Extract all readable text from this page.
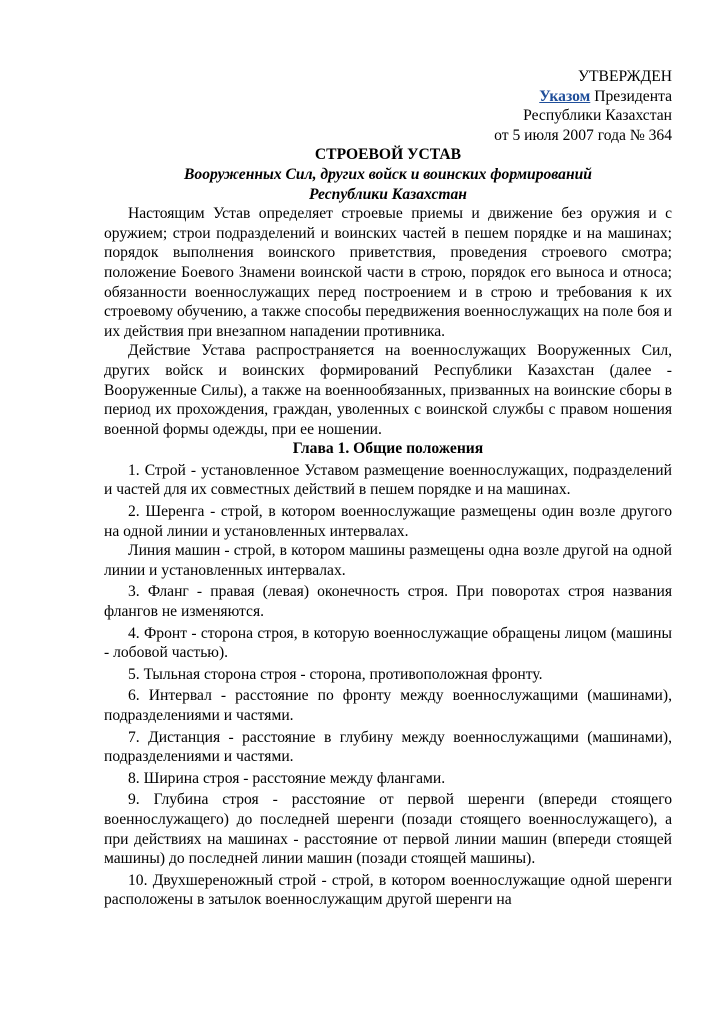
УТВЕРЖДЕН
Указом Президента
Республики Казахстан
от 5 июля 2007 года № 364
СТРОЕВОЙ УСТАВ
Вооруженных Сил, других войск и воинских формирований
Республики Казахстан

Настоящим Устав определяет строевые приемы и движение без оружия и с оружием; строи подразделений и воинских частей в пешем порядке и на машинах; порядок выполнения воинского приветствия, проведения строевого смотра; положение Боевого Знамени воинской части в строю, порядок его выноса и относа; обязанности военнослужащих перед построением и в строю и требования к их строевому обучению, а также способы передвижения военнослужащих на поле боя и их действия при внезапном нападении противника.

Действие Устава распространяется на военнослужащих Вооруженных Сил, других войск и воинских формирований Республики Казахстан (далее - Вооруженные Силы), а также на военнообязанных, призванных на воинские сборы в период их прохождения, граждан, уволенных с воинской службы с правом ношения военной формы одежды, при ее ношении.

Глава 1. Общие положения

1. Строй - установленное Уставом размещение военнослужащих, подразделений и частей для их совместных действий в пешем порядке и на машинах.

2. Шеренга - строй, в котором военнослужащие размещены один возле другого на одной линии и установленных интервалах.

Линия машин - строй, в котором машины размещены одна возле другой на одной линии и установленных интервалах.

3. Фланг - правая (левая) оконечность строя. При поворотах строя названия флангов не изменяются.

4. Фронт - сторона строя, в которую военнослужащие обращены лицом (машины - лобовой частью).

5. Тыльная сторона строя - сторона, противоположная фронту.

6. Интервал - расстояние по фронту между военнослужащими (машинами), подразделениями и частями.

7. Дистанция - расстояние в глубину между военнослужащими (машинами), подразделениями и частями.

8. Ширина строя - расстояние между флангами.

9. Глубина строя - расстояние от первой шеренги (впереди стоящего военнослужащего) до последней шеренги (позади стоящего военнослужащего), а при действиях на машинах - расстояние от первой линии машин (впереди стоящей машины) до последней линии машин (позади стоящей машины).

10. Двухшереножный строй - строй, в котором военнослужащие одной шеренги расположены в затылок военнослужащим другой шеренги на
